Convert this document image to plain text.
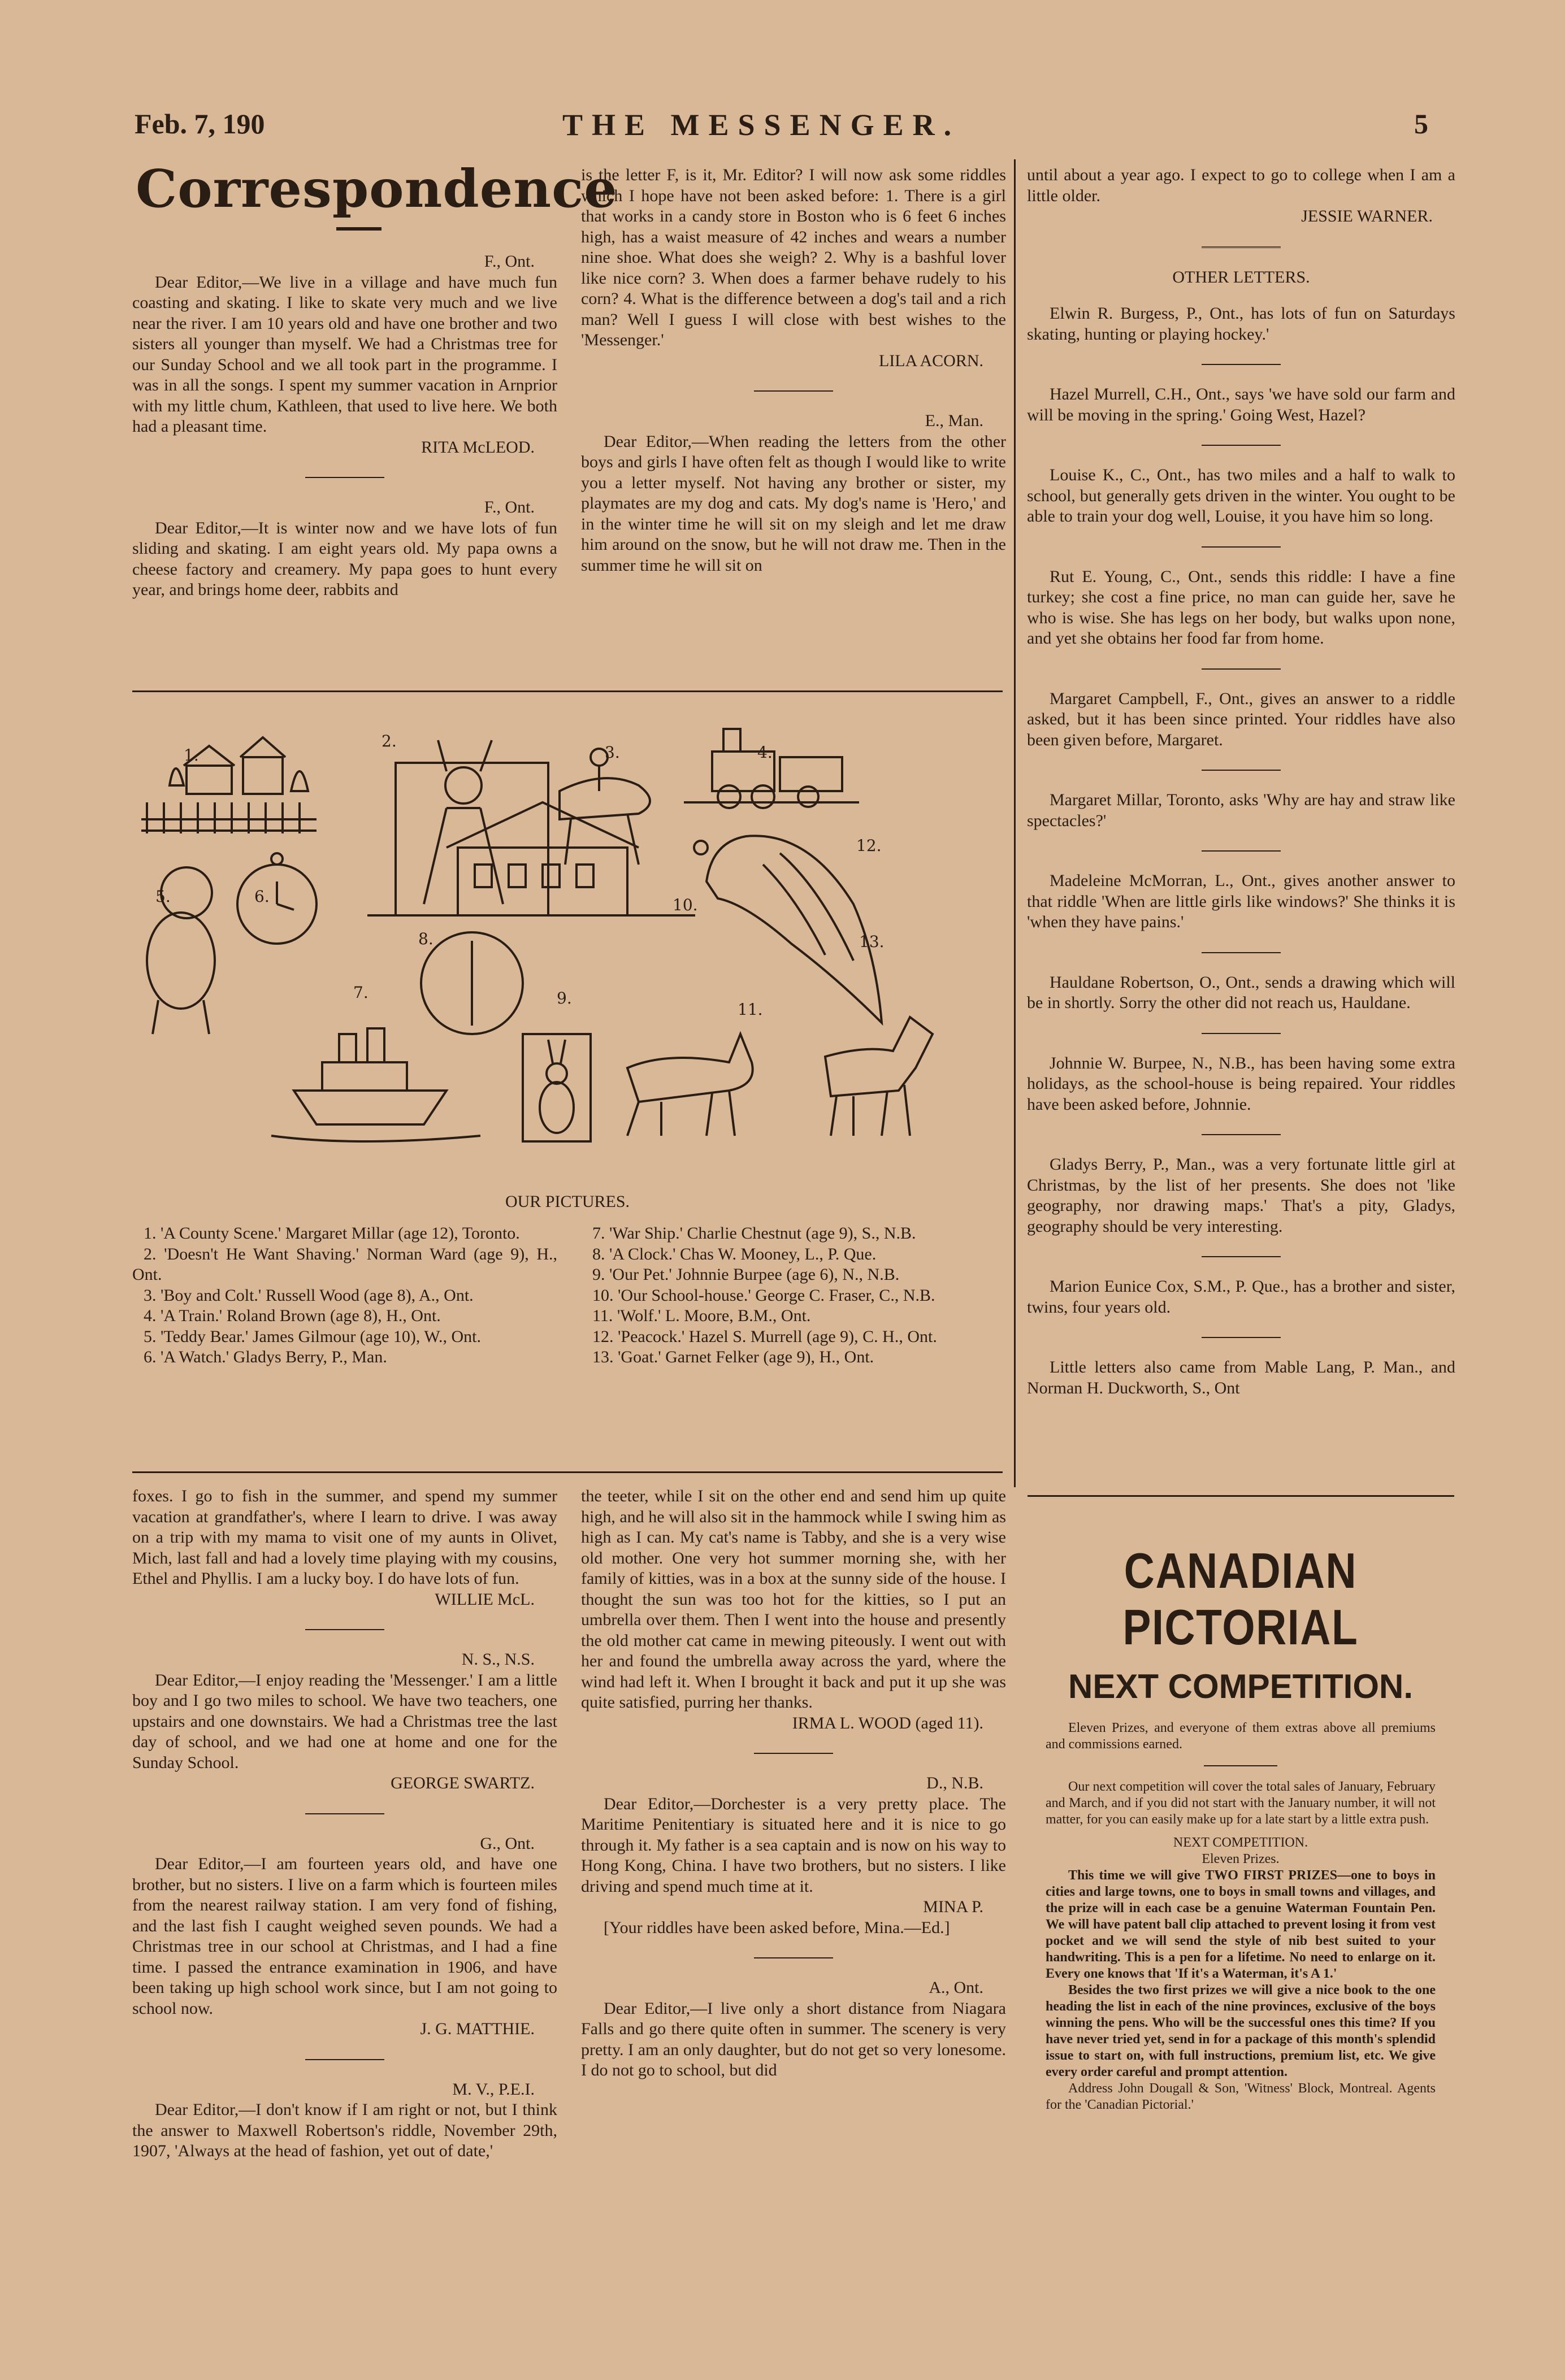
Feb. 7, 190	THE MESSENGER.	5
Correspondence

F., Ont.

Dear Editor,—We live in a village and have much fun coasting and skating. I like to skate very much and we live near the river. I am 10 years old and have one brother and two sisters all younger than myself. We had a Christmas tree for our Sunday School and we all took part in the programme. I was in all the songs. I spent my summer vacation in Arnprior with my little chum, Kathleen, that used to live here. We both had a pleasant time.

RITA McLEOD.

F., Ont.

Dear Editor,—It is winter now and we have lots of fun sliding and skating. I am eight years old. My papa owns a cheese factory and creamery. My papa goes to hunt every year, and brings home deer, rabbits and

is the letter F, is it, Mr. Editor? I will now ask some riddles which I hope have not been asked before: 1. There is a girl that works in a candy store in Boston who is 6 feet 6 inches high, has a waist measure of 42 inches and wears a number nine shoe. What does she weigh? 2. Why is a bashful lover like nice corn? 3. When does a farmer behave rudely to his corn? 4. What is the difference between a dog's tail and a rich man? Well I guess I will close with best wishes to the 'Messenger.'

LILA ACORN.

E., Man.

Dear Editor,—When reading the letters from the other boys and girls I have often felt as though I would like to write you a letter myself. Not having any brother or sister, my playmates are my dog and cats. My dog's name is 'Hero,' and in the winter time he will sit on my sleigh and let me draw him around on the snow, but he will not draw me. Then in the summer time he will sit on

until about a year ago. I expect to go to college when I am a little older.

JESSIE WARNER.

OTHER LETTERS.

Elwin R. Burgess, P., Ont., has lots of fun on Saturdays skating, hunting or playing hockey.'

Hazel Murrell, C.H., Ont., says 'we have sold our farm and will be moving in the spring.' Going West, Hazel?

Louise K., C., Ont., has two miles and a half to walk to school, but generally gets driven in the winter. You ought to be able to train your dog well, Louise, it you have him so long.

Rut E. Young, C., Ont., sends this riddle: I have a fine turkey; she cost a fine price, no man can guide her, save he who is wise. She has legs on her body, but walks upon none, and yet she obtains her food far from home.

Margaret Campbell, F., Ont., gives an answer to a riddle asked, but it has been since printed. Your riddles have also been given before, Margaret.

Margaret Millar, Toronto, asks 'Why are hay and straw like spectacles?'

Madeleine McMorran, L., Ont., gives another answer to that riddle 'When are little girls like windows?' She thinks it is 'when they have pains.'

Hauldane Robertson, O., Ont., sends a drawing which will be in shortly. Sorry the other did not reach us, Hauldane.

Johnnie W. Burpee, N., N.B., has been having some extra holidays, as the school-house is being repaired. Your riddles have been asked before, Johnnie.

Gladys Berry, P., Man., was a very fortunate little girl at Christmas, by the list of her presents. She does not 'like geography, nor drawing maps.' That's a pity, Gladys, geography should be very interesting.

Marion Eunice Cox, S.M., P. Que., has a brother and sister, twins, four years old.

Little letters also came from Mable Lang, P. Man., and Norman H. Duckworth, S., Ont

1.
2.
3.	4.
5.	6.
7.
8.
9.
10.
11.
12.
13.
OUR PICTURES.

1. 'A County Scene.' Margaret Millar (age 12), Toronto.

2. 'Doesn't He Want Shaving.' Norman Ward (age 9), H., Ont.

3. 'Boy and Colt.' Russell Wood (age 8), A., Ont.

4. 'A Train.' Roland Brown (age 8), H., Ont.

5. 'Teddy Bear.' James Gilmour (age 10), W., Ont.

6. 'A Watch.' Gladys Berry, P., Man.

7. 'War Ship.' Charlie Chestnut (age 9), S., N.B.

8. 'A Clock.' Chas W. Mooney, L., P. Que.

9. 'Our Pet.' Johnnie Burpee (age 6), N., N.B.

10. 'Our School-house.' George C. Fraser, C., N.B.

11. 'Wolf.' L. Moore, B.M., Ont.

12. 'Peacock.' Hazel S. Murrell (age 9), C. H., Ont.

13. 'Goat.' Garnet Felker (age 9), H., Ont.

foxes. I go to fish in the summer, and spend my summer vacation at grandfather's, where I learn to drive. I was away on a trip with my mama to visit one of my aunts in Olivet, Mich, last fall and had a lovely time playing with my cousins, Ethel and Phyllis. I am a lucky boy. I do have lots of fun.

WILLIE McL.

N. S., N.S.

Dear Editor,—I enjoy reading the 'Messenger.' I am a little boy and I go two miles to school. We have two teachers, one upstairs and one downstairs. We had a Christmas tree the last day of school, and we had one at home and one for the Sunday School.

GEORGE SWARTZ.

G., Ont.

Dear Editor,—I am fourteen years old, and have one brother, but no sisters. I live on a farm which is fourteen miles from the nearest railway station. I am very fond of fishing, and the last fish I caught weighed seven pounds. We had a Christmas tree in our school at Christmas, and I had a fine time. I passed the entrance examination in 1906, and have been taking up high school work since, but I am not going to school now.

J. G. MATTHIE.

M. V., P.E.I.

Dear Editor,—I don't know if I am right or not, but I think the answer to Maxwell Robertson's riddle, November 29th, 1907, 'Always at the head of fashion, yet out of date,'

the teeter, while I sit on the other end and send him up quite high, and he will also sit in the hammock while I swing him as high as I can. My cat's name is Tabby, and she is a very wise old mother. One very hot summer morning she, with her family of kitties, was in a box at the sunny side of the house. I thought the sun was too hot for the kitties, so I put an umbrella over them. Then I went into the house and presently the old mother cat came in mewing piteously. I went out with her and found the umbrella away across the yard, where the wind had left it. When I brought it back and put it up she was quite satisfied, purring her thanks.

IRMA L. WOOD (aged 11).

D., N.B.

Dear Editor,—Dorchester is a very pretty place. The Maritime Penitentiary is situated here and it is nice to go through it. My father is a sea captain and is now on his way to Hong Kong, China. I have two brothers, but no sisters. I like driving and spend much time at it.

MINA P.

[Your riddles have been asked before, Mina.—Ed.]

A., Ont.

Dear Editor,—I live only a short distance from Niagara Falls and go there quite often in summer. The scenery is very pretty. I am an only daughter, but do not get so very lonesome. I do not go to school, but did

CANADIAN PICTORIAL
NEXT COMPETITION.
Eleven Prizes, and everyone of them extras above all premiums and commissions earned.
Our next competition will cover the total sales of January, February and March, and if you did not start with the January number, it will not matter, for you can easily make up for a late start by a little extra push.
NEXT COMPETITION.
Eleven Prizes.
This time we will give TWO FIRST PRIZES—one to boys in cities and large towns, one to boys in small towns and villages, and the prize will in each case be a genuine Waterman Fountain Pen. We will have patent ball clip attached to prevent losing it from vest pocket and we will send the style of nib best suited to your handwriting. This is a pen for a lifetime. No need to enlarge on it. Every one knows that 'If it's a Waterman, it's A 1.'
Besides the two first prizes we will give a nice book to the one heading the list in each of the nine provinces, exclusive of the boys winning the pens. Who will be the successful ones this time? If you have never tried yet, send in for a package of this month's splendid issue to start on, with full instructions, premium list, etc. We give every order careful and prompt attention.
Address John Dougall & Son, 'Witness' Block, Montreal. Agents for the 'Canadian Pictorial.'
